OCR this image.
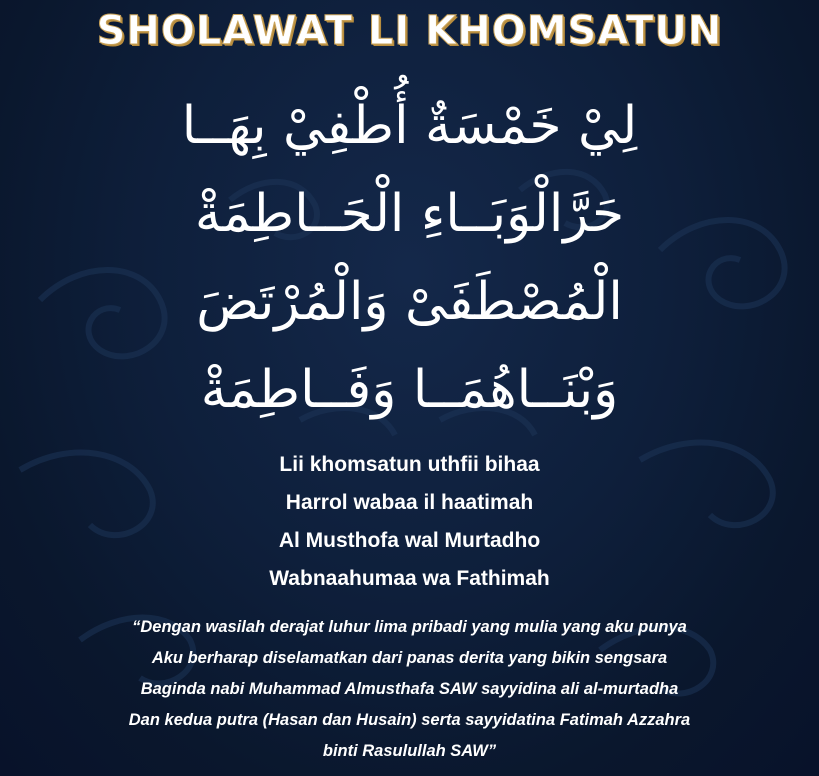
SHOLAWAT LI KHOMSATUN
لِيْ خَمْسَةٌ أُطْفِيْ بِهَــا
حَرَّالْوَبَــاءِ الْحَــاطِمَةْ
الْمُصْطَفَىْ وَالْمُرْتَضَ
وَبْنَــاهُمَــا وَفَــاطِمَةْ
Lii khomsatun uthfii bihaa
Harrol wabaa il haatimah
Al Musthofa wal Murtadho
Wabnaahumaa wa Fathimah
“Dengan wasilah derajat luhur lima pribadi yang mulia yang aku punya
Aku berharap diselamatkan dari panas derita yang bikin sengsara
Baginda nabi Muhammad Almusthafa SAW sayyidina ali al-murtadha
Dan kedua putra (Hasan dan Husain) serta sayyidatina Fatimah Azzahra
binti Rasulullah SAW”
